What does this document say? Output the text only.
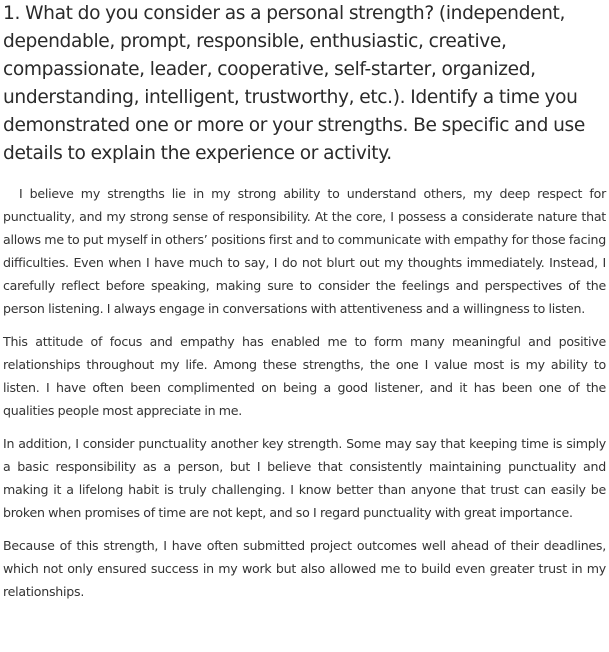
1. What do you consider as a personal strength? (independent, dependable, prompt, responsible, enthusiastic, creative, compassionate, leader, cooperative, self-starter, organized, understanding, intelligent, trustworthy, etc.). Identify a time you demonstrated one or more or your strengths. Be specific and use details to explain the experience or activity.

I believe my strengths lie in my strong ability to understand others, my deep respect for punctuality, and my strong sense of responsibility. At the core, I possess a considerate nature that allows me to put myself in others’ positions first and to communicate with empathy for those facing difficulties. Even when I have much to say, I do not blurt out my thoughts immediately. Instead, I carefully reflect before speaking, making sure to consider the feelings and perspectives of the person listening. I always engage in conversations with attentiveness and a willingness to listen.

This attitude of focus and empathy has enabled me to form many meaningful and positive relationships throughout my life. Among these strengths, the one I value most is my ability to listen. I have often been complimented on being a good listener, and it has been one of the qualities people most appreciate in me.

In addition, I consider punctuality another key strength. Some may say that keeping time is simply a basic responsibility as a person, but I believe that consistently maintaining punctuality and making it a lifelong habit is truly challenging. I know better than anyone that trust can easily be broken when promises of time are not kept, and so I regard punctuality with great importance.

Because of this strength, I have often submitted project outcomes well ahead of their deadlines, which not only ensured success in my work but also allowed me to build even greater trust in my relationships.
